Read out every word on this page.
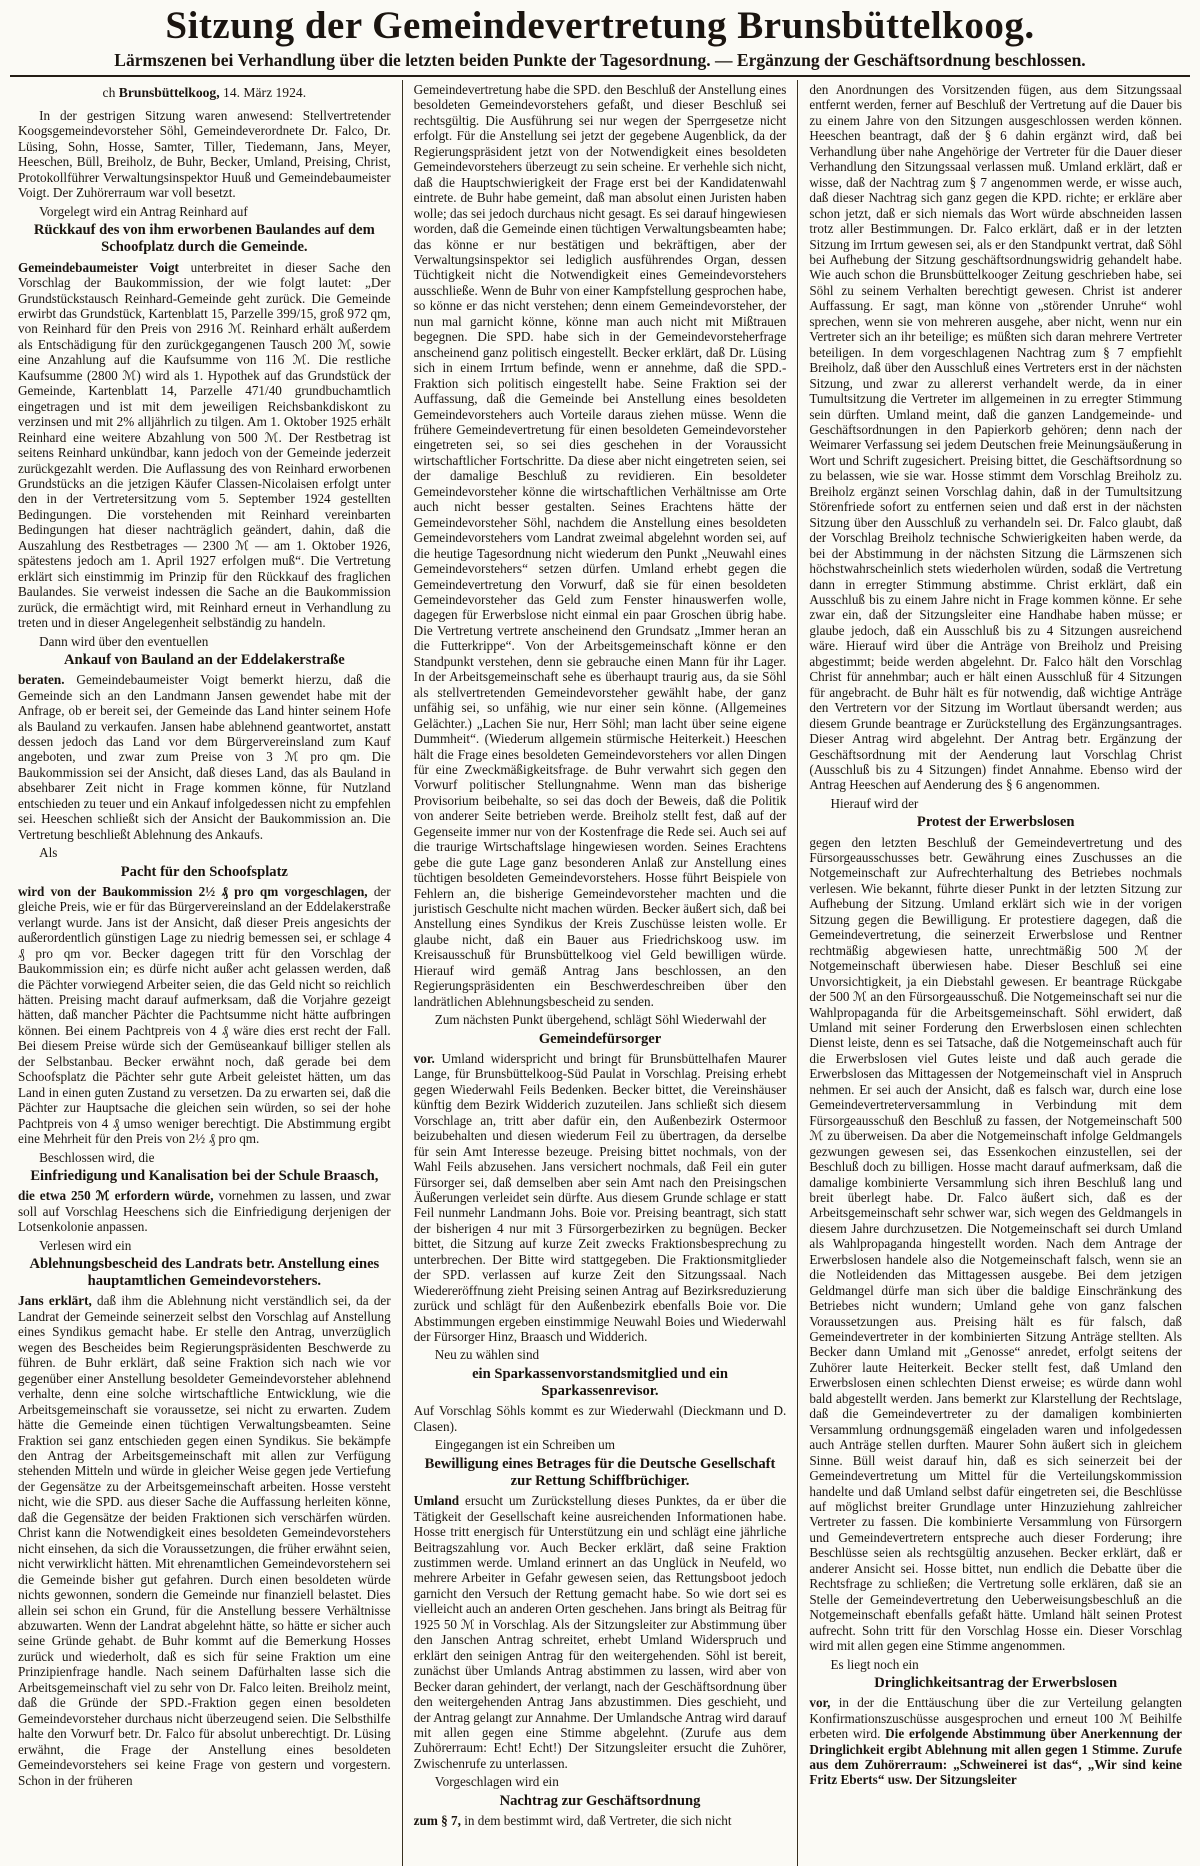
Sitzung der Gemeindevertretung Brunsbüttelkoog.
Lärmszenen bei Verhandlung über die letzten beiden Punkte der Tagesordnung. — Ergänzung der Geschäftsordnung beschlossen.

ch Brunsbüttelkoog, 14. März 1924.

In der gestrigen Sitzung waren anwesend: Stellvertretender Koogsgemeindevorsteher Söhl, Gemeindeverordnete Dr. Falco, Dr. Lüsing, Sohn, Hosse, Samter, Tiller, Tiedemann, Jans, Meyer, Heeschen, Büll, Breiholz, de Buhr, Becker, Umland, Preising, Christ, Protokollführer Verwaltungsinspektor Huuß und Gemeindebaumeister Voigt. Der Zuhörerraum war voll besetzt.

Vorgelegt wird ein Antrag Reinhard auf

Rückkauf des von ihm erworbenen Baulandes auf dem Schoofplatz durch die Gemeinde.

Gemeindebaumeister Voigt unterbreitet in dieser Sache den Vorschlag der Baukommission, der wie folgt lautet: „Der Grundstückstausch Reinhard-Gemeinde geht zurück. Die Gemeinde erwirbt das Grundstück, Kartenblatt 15, Parzelle 399/15, groß 972 qm, von Reinhard für den Preis von 2916 ℳ. Reinhard erhält außerdem als Entschädigung für den zurückgegangenen Tausch 200 ℳ, sowie eine Anzahlung auf die Kaufsumme von 116 ℳ. Die restliche Kaufsumme (2800 ℳ) wird als 1. Hypothek auf das Grundstück der Gemeinde, Kartenblatt 14, Parzelle 471/40 grundbuchamtlich eingetragen und ist mit dem jeweiligen Reichsbankdiskont zu verzinsen und mit 2% alljährlich zu tilgen. Am 1. Oktober 1925 erhält Reinhard eine weitere Abzahlung von 500 ℳ. Der Restbetrag ist seitens Reinhard unkündbar, kann jedoch von der Gemeinde jederzeit zurückgezahlt werden. Die Auflassung des von Reinhard erworbenen Grundstücks an die jetzigen Käufer Classen-Nicolaisen erfolgt unter den in der Vertretersitzung vom 5. September 1924 gestellten Bedingungen. Die vorstehenden mit Reinhard vereinbarten Bedingungen hat dieser nachträglich geändert, dahin, daß die Auszahlung des Restbetrages — 2300 ℳ — am 1. Oktober 1926, spätestens jedoch am 1. April 1927 erfolgen muß“. Die Vertretung erklärt sich einstimmig im Prinzip für den Rückkauf des fraglichen Baulandes. Sie verweist indessen die Sache an die Baukommission zurück, die ermächtigt wird, mit Reinhard erneut in Verhandlung zu treten und in dieser Angelegenheit selbständig zu handeln.

Dann wird über den eventuellen

Ankauf von Bauland an der Eddelakerstraße

beraten. Gemeindebaumeister Voigt bemerkt hierzu, daß die Gemeinde sich an den Landmann Jansen gewendet habe mit der Anfrage, ob er bereit sei, der Gemeinde das Land hinter seinem Hofe als Bauland zu verkaufen. Jansen habe ablehnend geantwortet, anstatt dessen jedoch das Land vor dem Bürgervereinsland zum Kauf angeboten, und zwar zum Preise von 3 ℳ pro qm. Die Baukommission sei der Ansicht, daß dieses Land, das als Bauland in absehbarer Zeit nicht in Frage kommen könne, für Nutzland entschieden zu teuer und ein Ankauf infolgedessen nicht zu empfehlen sei. Heeschen schließt sich der Ansicht der Baukommission an. Die Vertretung beschließt Ablehnung des Ankaufs.

Als

Pacht für den Schoofsplatz

wird von der Baukommission 2½ ₰ pro qm vorgeschlagen, der gleiche Preis, wie er für das Bürgervereinsland an der Eddelakerstraße verlangt wurde. Jans ist der Ansicht, daß dieser Preis angesichts der außerordentlich günstigen Lage zu niedrig bemessen sei, er schlage 4 ₰ pro qm vor. Becker dagegen tritt für den Vorschlag der Baukommission ein; es dürfe nicht außer acht gelassen werden, daß die Pächter vorwiegend Arbeiter seien, die das Geld nicht so reichlich hätten. Preising macht darauf aufmerksam, daß die Vorjahre gezeigt hätten, daß mancher Pächter die Pachtsumme nicht hätte aufbringen können. Bei einem Pachtpreis von 4 ₰ wäre dies erst recht der Fall. Bei diesem Preise würde sich der Gemüseankauf billiger stellen als der Selbstanbau. Becker erwähnt noch, daß gerade bei dem Schoofsplatz die Pächter sehr gute Arbeit geleistet hätten, um das Land in einen guten Zustand zu versetzen. Da zu erwarten sei, daß die Pächter zur Hauptsache die gleichen sein würden, so sei der hohe Pachtpreis von 4 ₰ umso weniger berechtigt. Die Abstimmung ergibt eine Mehrheit für den Preis von 2½ ₰ pro qm.

Beschlossen wird, die

Einfriedigung und Kanalisation bei der Schule Braasch,

die etwa 250 ℳ erfordern würde, vornehmen zu lassen, und zwar soll auf Vorschlag Heeschens sich die Einfriedigung derjenigen der Lotsenkolonie anpassen.

Verlesen wird ein

Ablehnungsbescheid des Landrats betr. Anstellung eines hauptamtlichen Gemeindevorstehers.

Jans erklärt, daß ihm die Ablehnung nicht verständlich sei, da der Landrat der Gemeinde seinerzeit selbst den Vorschlag auf Anstellung eines Syndikus gemacht habe. Er stelle den Antrag, unverzüglich wegen des Bescheides beim Regierungspräsidenten Beschwerde zu führen. de Buhr erklärt, daß seine Fraktion sich nach wie vor gegenüber einer Anstellung besoldeter Gemeindevorsteher ablehnend verhalte, denn eine solche wirtschaftliche Entwicklung, wie die Arbeitsgemeinschaft sie voraussetze, sei nicht zu erwarten. Zudem hätte die Gemeinde einen tüchtigen Verwaltungsbeamten. Seine Fraktion sei ganz entschieden gegen einen Syndikus. Sie bekämpfe den Antrag der Arbeitsgemeinschaft mit allen zur Verfügung stehenden Mitteln und würde in gleicher Weise gegen jede Vertiefung der Gegensätze zu der Arbeitsgemeinschaft arbeiten. Hosse versteht nicht, wie die SPD. aus dieser Sache die Auffassung herleiten könne, daß die Gegensätze der beiden Fraktionen sich verschärfen würden. Christ kann die Notwendigkeit eines besoldeten Gemeindevorstehers nicht einsehen, da sich die Voraussetzungen, die früher erwähnt seien, nicht verwirklicht hätten. Mit ehrenamtlichen Gemeindevorstehern sei die Gemeinde bisher gut gefahren. Durch einen besoldeten würde nichts gewonnen, sondern die Gemeinde nur finanziell belastet. Dies allein sei schon ein Grund, für die Anstellung bessere Verhältnisse abzuwarten. Wenn der Landrat abgelehnt hätte, so hätte er sicher auch seine Gründe gehabt. de Buhr kommt auf die Bemerkung Hosses zurück und wiederholt, daß es sich für seine Fraktion um eine Prinzipienfrage handle. Nach seinem Dafürhalten lasse sich die Arbeitsgemeinschaft viel zu sehr von Dr. Falco leiten. Breiholz meint, daß die Gründe der SPD.-Fraktion gegen einen besoldeten Gemeindevorsteher durchaus nicht überzeugend seien. Die Selbsthilfe halte den Vorwurf betr. Dr. Falco für absolut unberechtigt. Dr. Lüsing erwähnt, die Frage der Anstellung eines besoldeten Gemeindevorstehers sei keine Frage von gestern und vorgestern. Schon in der früheren

Gemeindevertretung habe die SPD. den Beschluß der Anstellung eines besoldeten Gemeindevorstehers gefaßt, und dieser Beschluß sei rechtsgültig. Die Ausführung sei nur wegen der Sperrgesetze nicht erfolgt. Für die Anstellung sei jetzt der gegebene Augenblick, da der Regierungspräsident jetzt von der Notwendigkeit eines besoldeten Gemeindevorstehers überzeugt zu sein scheine. Er verhehle sich nicht, daß die Hauptschwierigkeit der Frage erst bei der Kandidatenwahl eintrete. de Buhr habe gemeint, daß man absolut einen Juristen haben wolle; das sei jedoch durchaus nicht gesagt. Es sei darauf hingewiesen worden, daß die Gemeinde einen tüchtigen Verwaltungsbeamten habe; das könne er nur bestätigen und bekräftigen, aber der Verwaltungsinspektor sei lediglich ausführendes Organ, dessen Tüchtigkeit nicht die Notwendigkeit eines Gemeindevorstehers ausschließe. Wenn de Buhr von einer Kampfstellung gesprochen habe, so könne er das nicht verstehen; denn einem Gemeindevorsteher, der nun mal garnicht könne, könne man auch nicht mit Mißtrauen begegnen. Die SPD. habe sich in der Gemeindevorsteherfrage anscheinend ganz politisch eingestellt. Becker erklärt, daß Dr. Lüsing sich in einem Irrtum befinde, wenn er annehme, daß die SPD.-Fraktion sich politisch eingestellt habe. Seine Fraktion sei der Auffassung, daß die Gemeinde bei Anstellung eines besoldeten Gemeindevorstehers auch Vorteile daraus ziehen müsse. Wenn die frühere Gemeindevertretung für einen besoldeten Gemeindevorsteher eingetreten sei, so sei dies geschehen in der Voraussicht wirtschaftlicher Fortschritte. Da diese aber nicht eingetreten seien, sei der damalige Beschluß zu revidieren. Ein besoldeter Gemeindevorsteher könne die wirtschaftlichen Verhältnisse am Orte auch nicht besser gestalten. Seines Erachtens hätte der Gemeindevorsteher Söhl, nachdem die Anstellung eines besoldeten Gemeindevorstehers vom Landrat zweimal abgelehnt worden sei, auf die heutige Tagesordnung nicht wiederum den Punkt „Neuwahl eines Gemeindevorstehers“ setzen dürfen. Umland erhebt gegen die Gemeindevertretung den Vorwurf, daß sie für einen besoldeten Gemeindevorsteher das Geld zum Fenster hinauswerfen wolle, dagegen für Erwerbslose nicht einmal ein paar Groschen übrig habe. Die Vertretung vertrete anscheinend den Grundsatz „Immer heran an die Futterkrippe“. Von der Arbeitsgemeinschaft könne er den Standpunkt verstehen, denn sie gebrauche einen Mann für ihr Lager. In der Arbeitsgemeinschaft sehe es überhaupt traurig aus, da sie Söhl als stellvertretenden Gemeindevorsteher gewählt habe, der ganz unfähig sei, so unfähig, wie nur einer sein könne. (Allgemeines Gelächter.) „Lachen Sie nur, Herr Söhl; man lacht über seine eigene Dummheit“. (Wiederum allgemein stürmische Heiterkeit.) Heeschen hält die Frage eines besoldeten Gemeindevorstehers vor allen Dingen für eine Zweckmäßigkeitsfrage. de Buhr verwahrt sich gegen den Vorwurf politischer Stellungnahme. Wenn man das bisherige Provisorium beibehalte, so sei das doch der Beweis, daß die Politik von anderer Seite betrieben werde. Breiholz stellt fest, daß auf der Gegenseite immer nur von der Kostenfrage die Rede sei. Auch sei auf die traurige Wirtschaftslage hingewiesen worden. Seines Erachtens gebe die gute Lage ganz besonderen Anlaß zur Anstellung eines tüchtigen besoldeten Gemeindevorstehers. Hosse führt Beispiele von Fehlern an, die bisherige Gemeindevorsteher machten und die juristisch Geschulte nicht machen würden. Becker äußert sich, daß bei Anstellung eines Syndikus der Kreis Zuschüsse leisten wolle. Er glaube nicht, daß ein Bauer aus Friedrichskoog usw. im Kreisausschuß für Brunsbüttelkoog viel Geld bewilligen würde. Hierauf wird gemäß Antrag Jans beschlossen, an den Regierungspräsidenten ein Beschwerdeschreiben über den landrätlichen Ablehnungsbescheid zu senden.

Zum nächsten Punkt übergehend, schlägt Söhl Wiederwahl der

Gemeindefürsorger

vor. Umland widerspricht und bringt für Brunsbüttelhafen Maurer Lange, für Brunsbüttelkoog-Süd Paulat in Vorschlag. Preising erhebt gegen Wiederwahl Feils Bedenken. Becker bittet, die Vereinshäuser künftig dem Bezirk Widderich zuzuteilen. Jans schließt sich diesem Vorschlage an, tritt aber dafür ein, den Außenbezirk Ostermoor beizubehalten und diesen wiederum Feil zu übertragen, da derselbe für sein Amt Interesse bezeuge. Preising bittet nochmals, von der Wahl Feils abzusehen. Jans versichert nochmals, daß Feil ein guter Fürsorger sei, daß demselben aber sein Amt nach den Preisingschen Äußerungen verleidet sein dürfte. Aus diesem Grunde schlage er statt Feil nunmehr Landmann Johs. Boie vor. Preising beantragt, sich statt der bisherigen 4 nur mit 3 Fürsorgerbezirken zu begnügen. Becker bittet, die Sitzung auf kurze Zeit zwecks Fraktionsbesprechung zu unterbrechen. Der Bitte wird stattgegeben. Die Fraktionsmitglieder der SPD. verlassen auf kurze Zeit den Sitzungssaal. Nach Wiedereröffnung zieht Preising seinen Antrag auf Bezirksreduzierung zurück und schlägt für den Außenbezirk ebenfalls Boie vor. Die Abstimmungen ergeben einstimmige Neuwahl Boies und Wiederwahl der Fürsorger Hinz, Braasch und Widderich.

Neu zu wählen sind

ein Sparkassenvorstandsmitglied und ein Sparkassenrevisor.

Auf Vorschlag Söhls kommt es zur Wiederwahl (Dieckmann und D. Clasen).

Eingegangen ist ein Schreiben um

Bewilligung eines Betrages für die Deutsche Gesellschaft zur Rettung Schiffbrüchiger.

Umland ersucht um Zurückstellung dieses Punktes, da er über die Tätigkeit der Gesellschaft keine ausreichenden Informationen habe. Hosse tritt energisch für Unterstützung ein und schlägt eine jährliche Beitragszahlung vor. Auch Becker erklärt, daß seine Fraktion zustimmen werde. Umland erinnert an das Unglück in Neufeld, wo mehrere Arbeiter in Gefahr gewesen seien, das Rettungsboot jedoch garnicht den Versuch der Rettung gemacht habe. So wie dort sei es vielleicht auch an anderen Orten geschehen. Jans bringt als Beitrag für 1925 50 ℳ in Vorschlag. Als der Sitzungsleiter zur Abstimmung über den Janschen Antrag schreitet, erhebt Umland Widerspruch und erklärt den seinigen Antrag für den weitergehenden. Söhl ist bereit, zunächst über Umlands Antrag abstimmen zu lassen, wird aber von Becker daran gehindert, der verlangt, nach der Geschäftsordnung über den weitergehenden Antrag Jans abzustimmen. Dies geschieht, und der Antrag gelangt zur Annahme. Der Umlandsche Antrag wird darauf mit allen gegen eine Stimme abgelehnt. (Zurufe aus dem Zuhörerraum: Echt! Echt!) Der Sitzungsleiter ersucht die Zuhörer, Zwischenrufe zu unterlassen.

Vorgeschlagen wird ein

Nachtrag zur Geschäftsordnung

zum § 7, in dem bestimmt wird, daß Vertreter, die sich nicht

den Anordnungen des Vorsitzenden fügen, aus dem Sitzungssaal entfernt werden, ferner auf Beschluß der Vertretung auf die Dauer bis zu einem Jahre von den Sitzungen ausgeschlossen werden können. Heeschen beantragt, daß der § 6 dahin ergänzt wird, daß bei Verhandlung über nahe Angehörige der Vertreter für die Dauer dieser Verhandlung den Sitzungssaal verlassen muß. Umland erklärt, daß er wisse, daß der Nachtrag zum § 7 angenommen werde, er wisse auch, daß dieser Nachtrag sich ganz gegen die KPD. richte; er erkläre aber schon jetzt, daß er sich niemals das Wort würde abschneiden lassen trotz aller Bestimmungen. Dr. Falco erklärt, daß er in der letzten Sitzung im Irrtum gewesen sei, als er den Standpunkt vertrat, daß Söhl bei Aufhebung der Sitzung geschäftsordnungswidrig gehandelt habe. Wie auch schon die Brunsbüttelkooger Zeitung geschrieben habe, sei Söhl zu seinem Verhalten berechtigt gewesen. Christ ist anderer Auffassung. Er sagt, man könne von „störender Unruhe“ wohl sprechen, wenn sie von mehreren ausgehe, aber nicht, wenn nur ein Vertreter sich an ihr beteilige; es müßten sich daran mehrere Vertreter beteiligen. In dem vorgeschlagenen Nachtrag zum § 7 empfiehlt Breiholz, daß über den Ausschluß eines Vertreters erst in der nächsten Sitzung, und zwar zu allererst verhandelt werde, da in einer Tumultsitzung die Vertreter im allgemeinen in zu erregter Stimmung sein dürften. Umland meint, daß die ganzen Landgemeinde- und Geschäftsordnungen in den Papierkorb gehören; denn nach der Weimarer Verfassung sei jedem Deutschen freie Meinungsäußerung in Wort und Schrift zugesichert. Preising bittet, die Geschäftsordnung so zu belassen, wie sie war. Hosse stimmt dem Vorschlag Breiholz zu. Breiholz ergänzt seinen Vorschlag dahin, daß in der Tumultsitzung Störenfriede sofort zu entfernen seien und daß erst in der nächsten Sitzung über den Ausschluß zu verhandeln sei. Dr. Falco glaubt, daß der Vorschlag Breiholz technische Schwierigkeiten haben werde, da bei der Abstimmung in der nächsten Sitzung die Lärmszenen sich höchstwahrscheinlich stets wiederholen würden, sodaß die Vertretung dann in erregter Stimmung abstimme. Christ erklärt, daß ein Ausschluß bis zu einem Jahre nicht in Frage kommen könne. Er sehe zwar ein, daß der Sitzungsleiter eine Handhabe haben müsse; er glaube jedoch, daß ein Ausschluß bis zu 4 Sitzungen ausreichend wäre. Hierauf wird über die Anträge von Breiholz und Preising abgestimmt; beide werden abgelehnt. Dr. Falco hält den Vorschlag Christ für annehmbar; auch er hält einen Ausschluß für 4 Sitzungen für angebracht. de Buhr hält es für notwendig, daß wichtige Anträge den Vertretern vor der Sitzung im Wortlaut übersandt werden; aus diesem Grunde beantrage er Zurückstellung des Ergänzungsantrages. Dieser Antrag wird abgelehnt. Der Antrag betr. Ergänzung der Geschäftsordnung mit der Aenderung laut Vorschlag Christ (Ausschluß bis zu 4 Sitzungen) findet Annahme. Ebenso wird der Antrag Heeschen auf Aenderung des § 6 angenommen.

Hierauf wird der

Protest der Erwerbslosen

gegen den letzten Beschluß der Gemeindevertretung und des Fürsorgeausschusses betr. Gewährung eines Zuschusses an die Notgemeinschaft zur Aufrechterhaltung des Betriebes nochmals verlesen. Wie bekannt, führte dieser Punkt in der letzten Sitzung zur Aufhebung der Sitzung. Umland erklärt sich wie in der vorigen Sitzung gegen die Bewilligung. Er protestiere dagegen, daß die Gemeindevertretung, die seinerzeit Erwerbslose und Rentner rechtmäßig abgewiesen hatte, unrechtmäßig 500 ℳ der Notgemeinschaft überwiesen habe. Dieser Beschluß sei eine Unvorsichtigkeit, ja ein Diebstahl gewesen. Er beantrage Rückgabe der 500 ℳ an den Fürsorgeausschuß. Die Notgemeinschaft sei nur die Wahlpropaganda für die Arbeitsgemeinschaft. Söhl erwidert, daß Umland mit seiner Forderung den Erwerbslosen einen schlechten Dienst leiste, denn es sei Tatsache, daß die Notgemeinschaft auch für die Erwerbslosen viel Gutes leiste und daß auch gerade die Erwerbslosen das Mittagessen der Notgemeinschaft viel in Anspruch nehmen. Er sei auch der Ansicht, daß es falsch war, durch eine lose Gemeindevertreterversammlung in Verbindung mit dem Fürsorgeausschuß den Beschluß zu fassen, der Notgemeinschaft 500 ℳ zu überweisen. Da aber die Notgemeinschaft infolge Geldmangels gezwungen gewesen sei, das Essenkochen einzustellen, sei der Beschluß doch zu billigen. Hosse macht darauf aufmerksam, daß die damalige kombinierte Versammlung sich ihren Beschluß lang und breit überlegt habe. Dr. Falco äußert sich, daß es der Arbeitsgemeinschaft sehr schwer war, sich wegen des Geldmangels in diesem Jahre durchzusetzen. Die Notgemeinschaft sei durch Umland als Wahlpropaganda hingestellt worden. Nach dem Antrage der Erwerbslosen handele also die Notgemeinschaft falsch, wenn sie an die Notleidenden das Mittagessen ausgebe. Bei dem jetzigen Geldmangel dürfe man sich über die baldige Einschränkung des Betriebes nicht wundern; Umland gehe von ganz falschen Voraussetzungen aus. Preising hält es für falsch, daß Gemeindevertreter in der kombinierten Sitzung Anträge stellten. Als Becker dann Umland mit „Genosse“ anredet, erfolgt seitens der Zuhörer laute Heiterkeit. Becker stellt fest, daß Umland den Erwerbslosen einen schlechten Dienst erweise; es würde dann wohl bald abgestellt werden. Jans bemerkt zur Klarstellung der Rechtslage, daß die Gemeindevertreter zu der damaligen kombinierten Versammlung ordnungsgemäß eingeladen waren und infolgedessen auch Anträge stellen durften. Maurer Sohn äußert sich in gleichem Sinne. Büll weist darauf hin, daß es sich seinerzeit bei der Gemeindevertretung um Mittel für die Verteilungskommission handelte und daß Umland selbst dafür eingetreten sei, die Beschlüsse auf möglichst breiter Grundlage unter Hinzuziehung zahlreicher Vertreter zu fassen. Die kombinierte Versammlung von Fürsorgern und Gemeindevertretern entspreche auch dieser Forderung; ihre Beschlüsse seien als rechtsgültig anzusehen. Becker erklärt, daß er anderer Ansicht sei. Hosse bittet, nun endlich die Debatte über die Rechtsfrage zu schließen; die Vertretung solle erklären, daß sie an Stelle der Gemeindevertretung den Ueberweisungsbeschluß an die Notgemeinschaft ebenfalls gefaßt hätte. Umland hält seinen Protest aufrecht. Sohn tritt für den Vorschlag Hosse ein. Dieser Vorschlag wird mit allen gegen eine Stimme angenommen.

Es liegt noch ein

Dringlichkeitsantrag der Erwerbslosen

vor, in der die Enttäuschung über die zur Verteilung gelangten Konfirmationszuschüsse ausgesprochen und erneut 100 ℳ Beihilfe erbeten wird. Die erfolgende Abstimmung über Anerkennung der Dringlichkeit ergibt Ablehnung mit allen gegen 1 Stimme. Zurufe aus dem Zuhörerraum: „Schweinerei ist das“, „Wir sind keine Fritz Eberts“ usw. Der Sitzungsleiter
